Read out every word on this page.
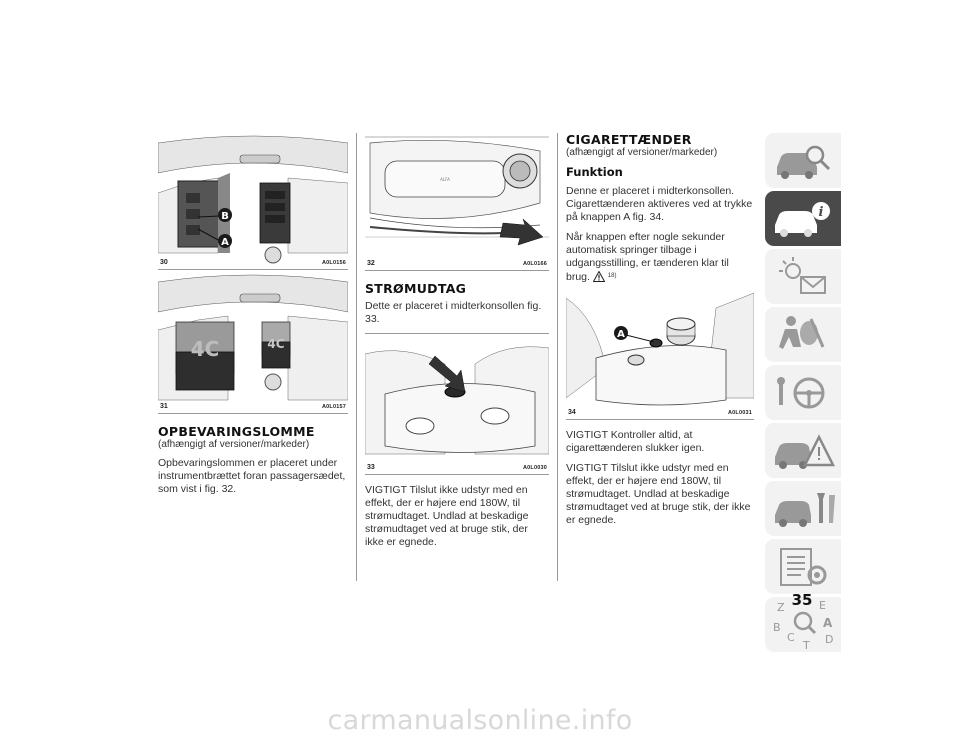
B
A
30	A0L0156
4C	4C
31	A0L0157
OPBEVARINGSLOMME

(afhængigt af versioner/markeder)

Opbevaringslommen er placeret under instrumentbrættet foran passagersædet, som vist i fig. 32.

ALFA
32	A0L0166
STRØMUDTAG

Dette er placeret i midterkonsollen fig. 33.

33	A0L0030

VIGTIGT Tilslut ikke udstyr med en effekt, der er højere end 180W, til strømudtaget. Undlad at beskadige strømudtaget ved at bruge stik, der ikke er egnede.

CIGARETTÆNDER

(afhængigt af versioner/markeder)

Funktion

Denne er placeret i midterkonsollen. Cigarettænderen aktiveres ved at trykke på knappen A fig. 34.

Når knappen efter nogle sekunder automatisk springer tilbage i udgangsstilling, er tænderen klar til brug.	$^{18)}$

A
34	A0L0031

VIGTIGT Kontroller altid, at cigarettænderen slukker igen.

VIGTIGT Tilslut ikke udstyr med en effekt, der er højere end 180W, til strømudtaget. Undlad at beskadige strømudtaget ved at bruge stik, der ikke er egnede.

i
Z	E
B	A
C
T D
35
carmanualsonline.info
